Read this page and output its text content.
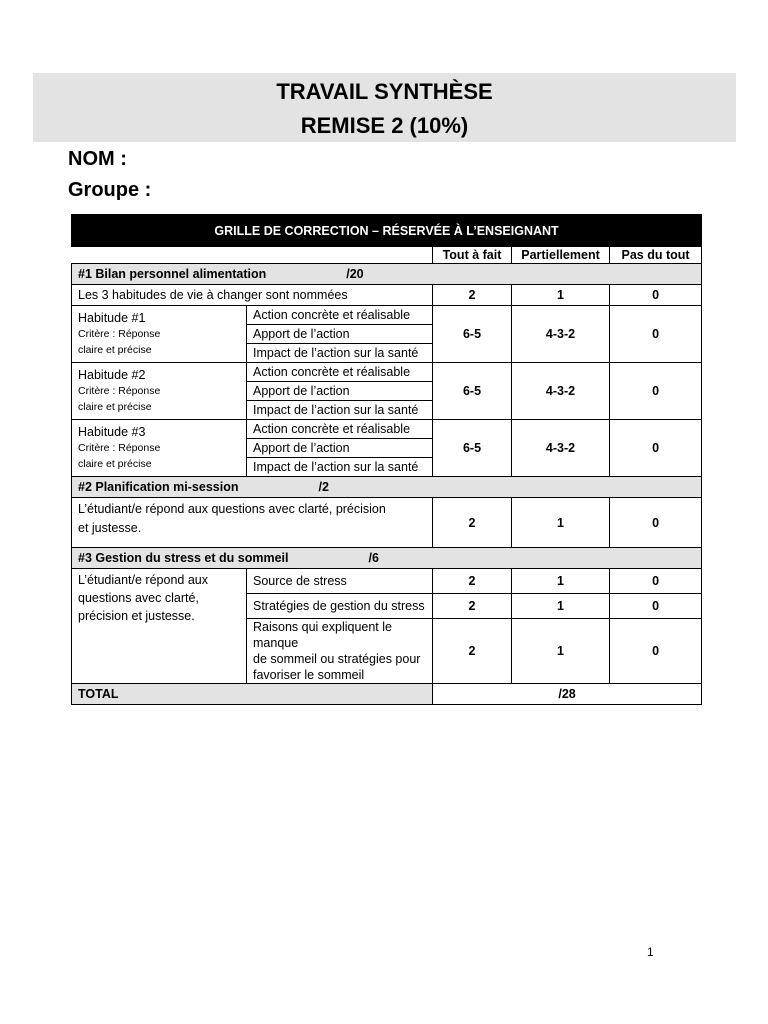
TRAVAIL SYNTHÈSE
REMISE 2 (10%)
NOM :
Groupe :
GRILLE DE CORRECTION – RÉSERVÉE À L’ENSEIGNANT				
		Tout à fait	Partiellement	Pas du tout
#1 Bilan personnel alimentation /20				
Les 3 habitudes de vie à changer sont nommées		2	1	0

Habitude #1
Critère : Réponse
claire et précise	Action concrète et réalisable	6-5	4-3-2	0
	Apport de l’action			
	Impact de l’action sur la santé			

Habitude #2
Critère : Réponse
claire et précise	Action concrète et réalisable	6-5	4-3-2	0
	Apport de l’action			
	Impact de l’action sur la santé			

Habitude #3
Critère : Réponse
claire et précise	Action concrète et réalisable	6-5	4-3-2	0
	Apport de l’action			
	Impact de l’action sur la santé			
#2 Planification mi-session /2				

L’étudiant/e répond aux questions avec clarté, précision
et justesse.		2	1	0
#3 Gestion du stress et du sommeil /6				

L’étudiant/e répond aux
questions avec clarté,
précision et justesse.	Source de stress	2	1	0
	Stratégies de gestion du stress	2	1	0

	Raisons qui expliquent le manque
de sommeil ou stratégies pour
favoriser le sommeil	2	1	0
TOTAL		/28		
1
